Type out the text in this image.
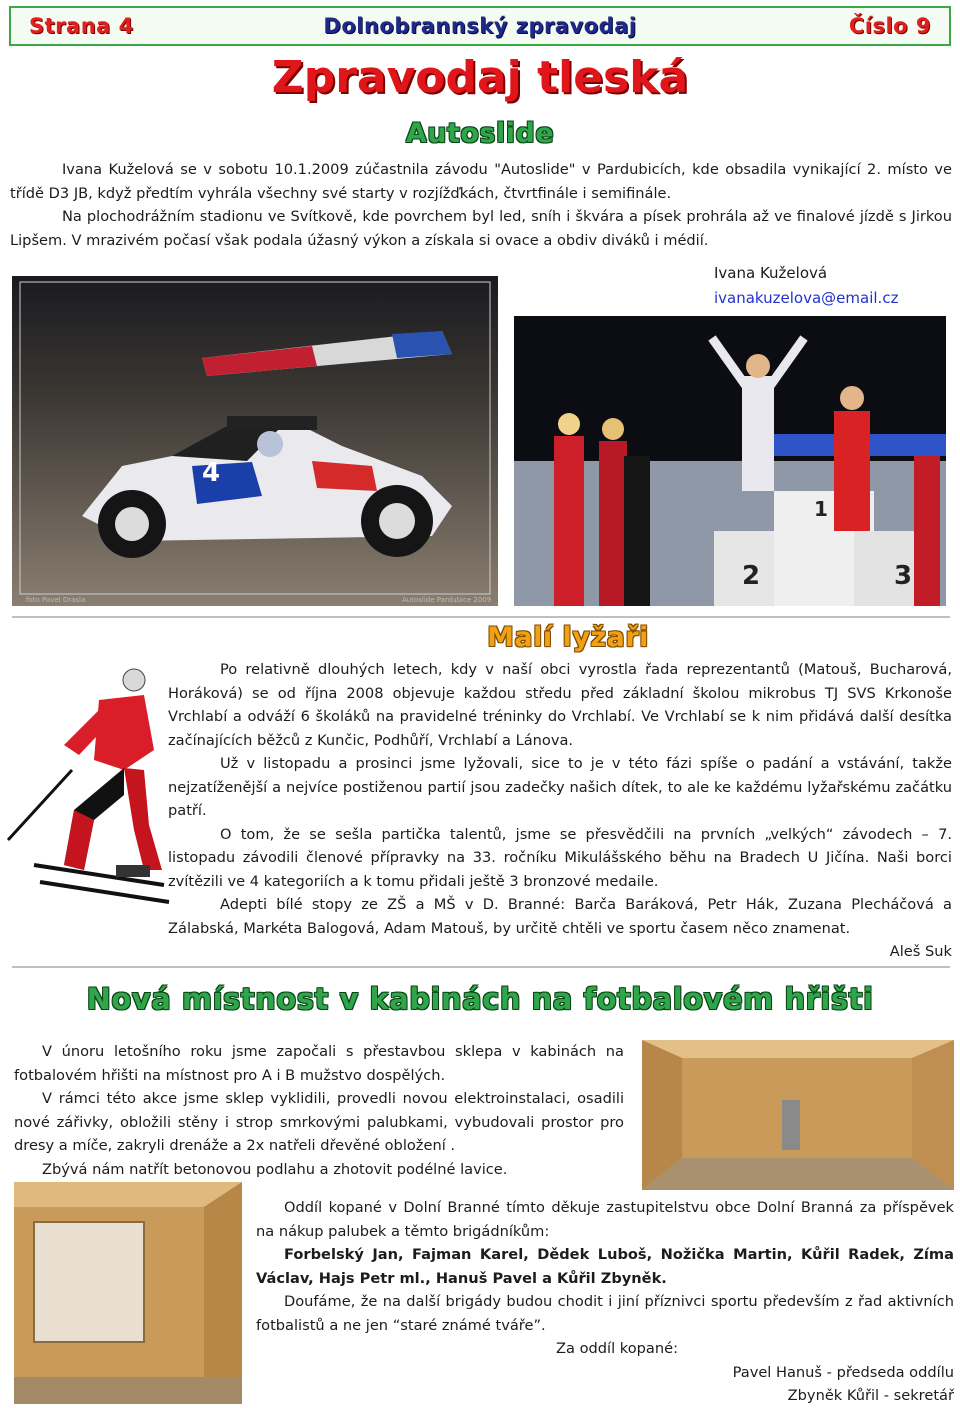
Strana 4	Dolnobrannský zpravodaj	Číslo 9
Zpravodaj tleská
Autoslide

Ivana Kuželová se v sobotu 10.1.2009 zúčastnila závodu "Autoslide" v Pardubicích, kde obsadila vynikající 2. místo ve třídě D3 JB, když předtím vyhrála všechny své starty v rozjížďkách, čtvrtfinále i semifinále.

Na plochodrážním stadionu ve Svítkově, kde povrchem byl led, sníh i škvára a písek prohrála až ve finalové jízdě s Jirkou Lipšem. V mrazivém počasí však podala úžasný výkon a získala si ovace a obdiv diváků i médií.

Ivana Kuželová
ivanakuzelova@email.cz
4
foto Pavel Drasla	Autoslide Pardubice 2009
2	3
1
Malí lyžaři

Po relativně dlouhých letech, kdy v naší obci vyrostla řada reprezentantů (Matouš, Bucharová, Horáková) se od října 2008 objevuje každou středu před základní školou mikrobus TJ SVS Krkonoše Vrchlabí a odváží 6 školáků na pravidelné tréninky do Vrchlabí. Ve Vrchlabí se k nim přidává další desítka začínajících běžců z Kunčic, Podhůří, Vrchlabí a Lánova.

Už v listopadu a prosinci jsme lyžovali, sice to je v této fázi spíše o padání a vstávání, takže nejzatíženější a nejvíce postiženou partií jsou zadečky našich dítek, to ale ke každému lyžařskému začátku patří.

O tom, že se sešla partička talentů, jsme se přesvědčili na prvních „velkých“ závodech – 7. listopadu závodili členové přípravky na 33. ročníku Mikulášského běhu na Bradech U Jičína. Naši borci zvítězili ve 4 kategoriích a k tomu přidali ještě 3 bronzové medaile.

Adepti bílé stopy ze ZŠ a MŠ v D. Branné: Barča Baráková, Petr Hák, Zuzana Plecháčová a Zálabská, Markéta Balogová, Adam Matouš, by určitě chtěli ve sportu časem něco znamenat.

Aleš Suk

Nová místnost v kabinách na fotbalovém hřišti

V únoru letošního roku jsme započali s přestavbou sklepa v kabinách na fotbalovém hřišti na místnost pro A i B mužstvo dospělých.

V rámci této akce jsme sklep vyklidili, provedli novou elektroinstalaci, osadili nové zářivky, obložili stěny i strop smrkovými palubkami, vybudovali prostor pro dresy a míče, zakryli drenáže a 2x natřeli dřevěné obložení .

Zbývá nám natřít betonovou podlahu a zhotovit podélné lavice.

Oddíl kopané v Dolní Branné tímto děkuje zastupitelstvu obce Dolní Branná za příspěvek na nákup palubek a těmto brigádníkům:

Forbelský Jan, Fajman Karel, Dědek Luboš, Nožička Martin, Kůřil Radek, Zíma Václav, Hajs Petr ml., Hanuš Pavel a Kůřil Zbyněk.

Doufáme, že na další brigády budou chodit i jiní příznivci sportu především z řad aktivních fotbalistů a ne jen “staré známé tváře”.

Za oddíl kopané:

Pavel Hanuš - předseda oddílu

Zbyněk Kůřil - sekretář
